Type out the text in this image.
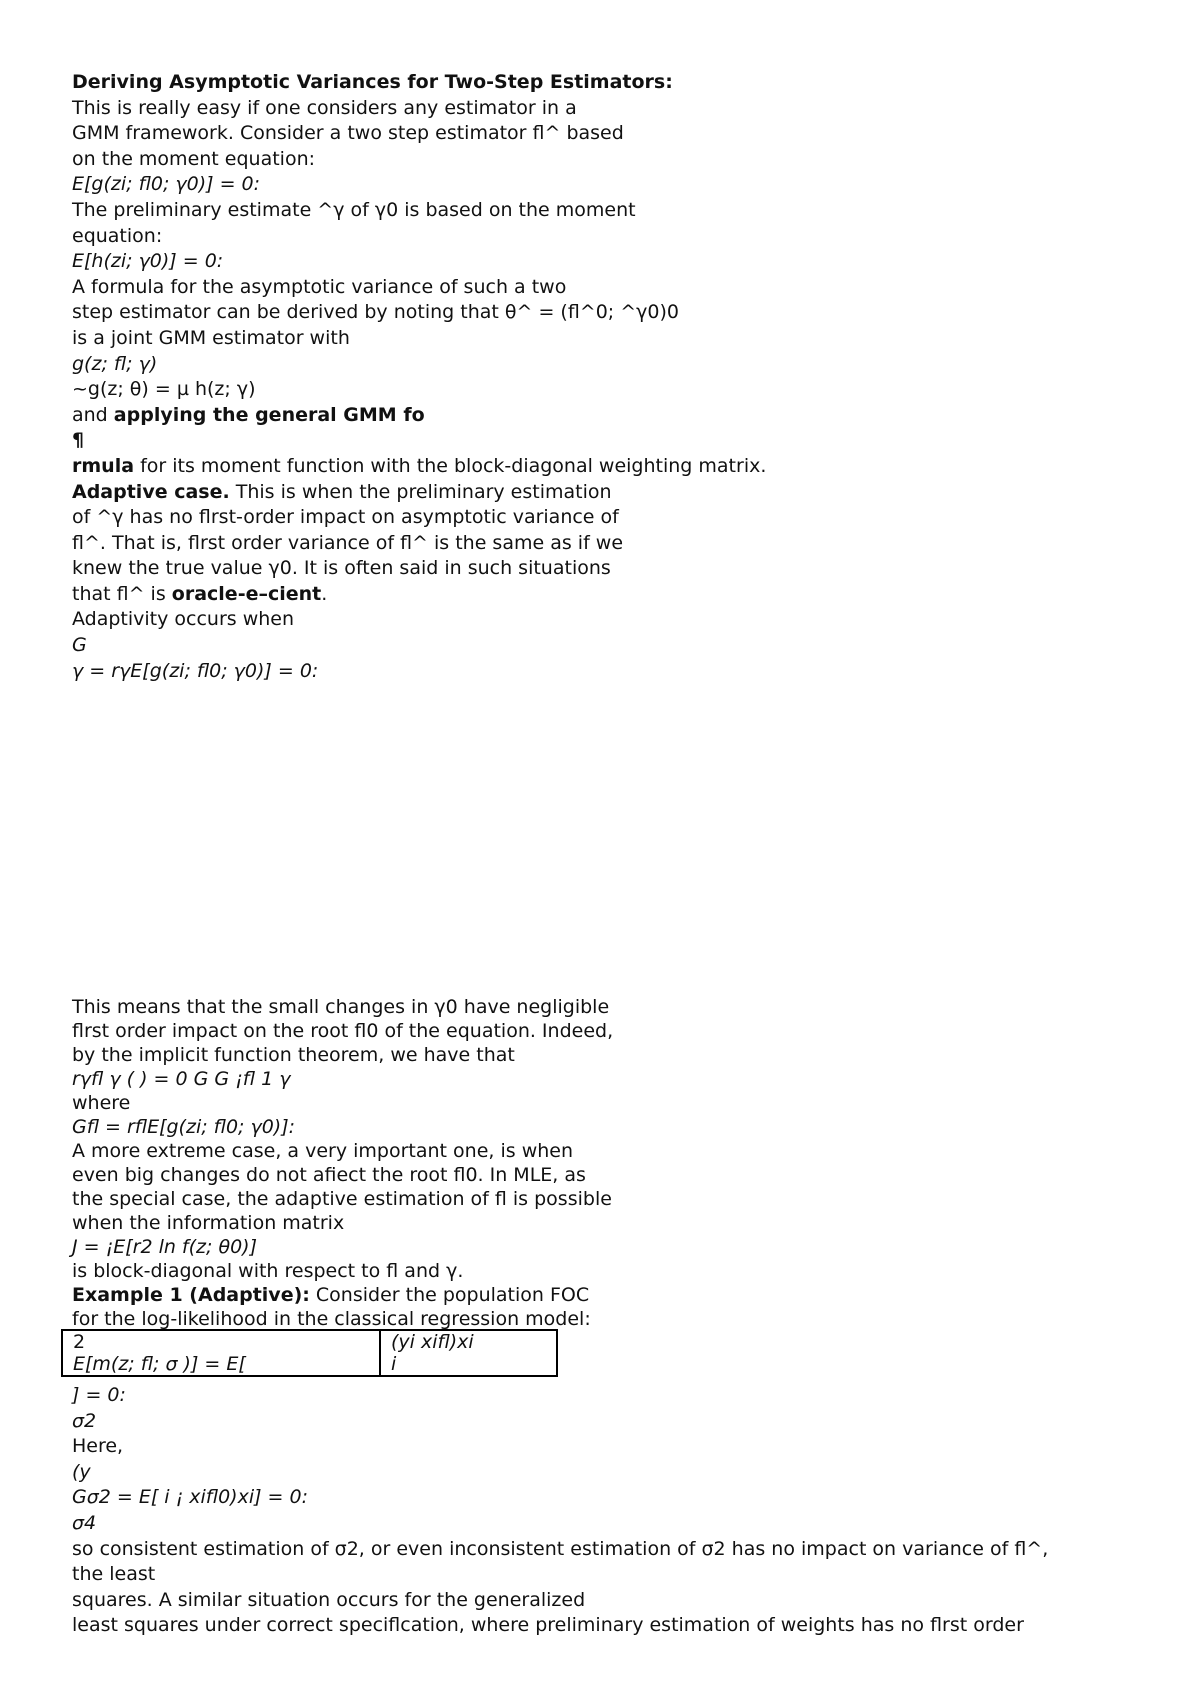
Deriving Asymptotic Variances for Two-Step Estimators:
This is really easy if one considers any estimator in a
GMM framework. Consider a two step estimator fl^ based
on the moment equation:
E[g(zi; fl0; γ0)] = 0:
The preliminary estimate ^γ of γ0 is based on the moment
equation:
E[h(zi; γ0)] = 0:
A formula for the asymptotic variance of such a two
step estimator can be derived by noting that θ^ = (fl^0; ^γ0)0
is a joint GMM estimator with
g(z; fl; γ)
~g(z; θ) = µ h(z; γ)
and applying the general GMM fo
¶
rmula for its moment function with the block-diagonal weighting matrix.
Adaptive case. This is when the preliminary estimation
of ^γ has no flrst-order impact on asymptotic variance of
fl^. That is, flrst order variance of fl^ is the same as if we
knew the true value γ0. It is often said in such situations
that fl^ is oracle-e–cient.
Adaptivity occurs when
G
γ = rγE[g(zi; fl0; γ0)] = 0:
This means that the small changes in γ0 have negligible
flrst order impact on the root fl0 of the equation. Indeed,
by the implicit function theorem, we have that
rγfl γ ( ) = 0 G G ¡fl 1 γ
where
Gfl = rflE[g(zi; fl0; γ0)]:
A more extreme case, a very important one, is when
even big changes do not afiect the root fl0. In MLE, as
the special case, the adaptive estimation of fl is possible
when the information matrix
J = ¡E[r2 ln f(z; θ0)]
is block-diagonal with respect to fl and γ.
Example 1 (Adaptive): Consider the population FOC
for the log-likelihood in the classical regression model:
2
E[m(z; fl; σ )] = E[

(yi xifl)xi
i
] = 0:
σ2
Here,
(y
Gσ2 = E[ i ¡ xifl0)xi] = 0:
σ4
so consistent estimation of σ2, or even inconsistent estimation of σ2 has no impact on variance of fl^,
the least
squares. A similar situation occurs for the generalized
least squares under correct speciflcation, where preliminary estimation of weights has no flrst order
